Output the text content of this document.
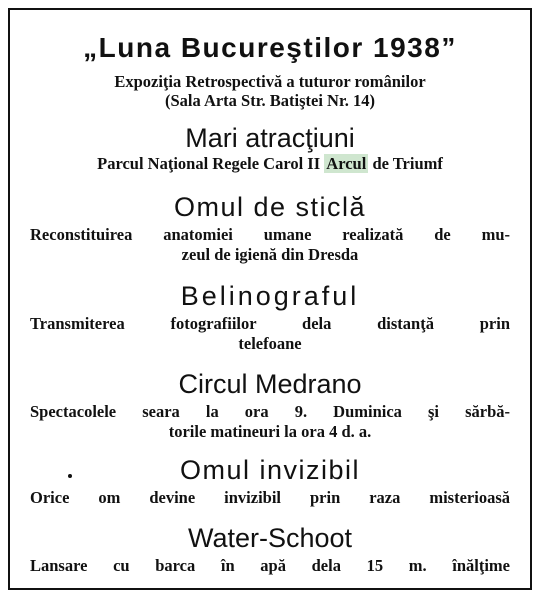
„Luna Bucureştilor 1938”
Expoziţia Retrospectivă a tuturor românilor
(Sala Arta Str. Batiştei Nr. 14)
Mari atracţiuni
Parcul Naţional Regele Carol II Arcul de Triumf
Omul de sticlă
Reconstituirea anatomiei umane realizată de mu-
zeul de igienă din Dresda
Belinograful
Transmiterea fotografiilor dela distanţă prin
telefoane
Circul Medrano
Spectacolele seara la ora 9. Duminica şi sărbă-
torile matineuri la ora 4 d. a.
Omul invizibil
Orice om devine invizibil prin raza misterioasă
Water-Schoot
Lansare cu barca în apă dela 15 m. înălţime
